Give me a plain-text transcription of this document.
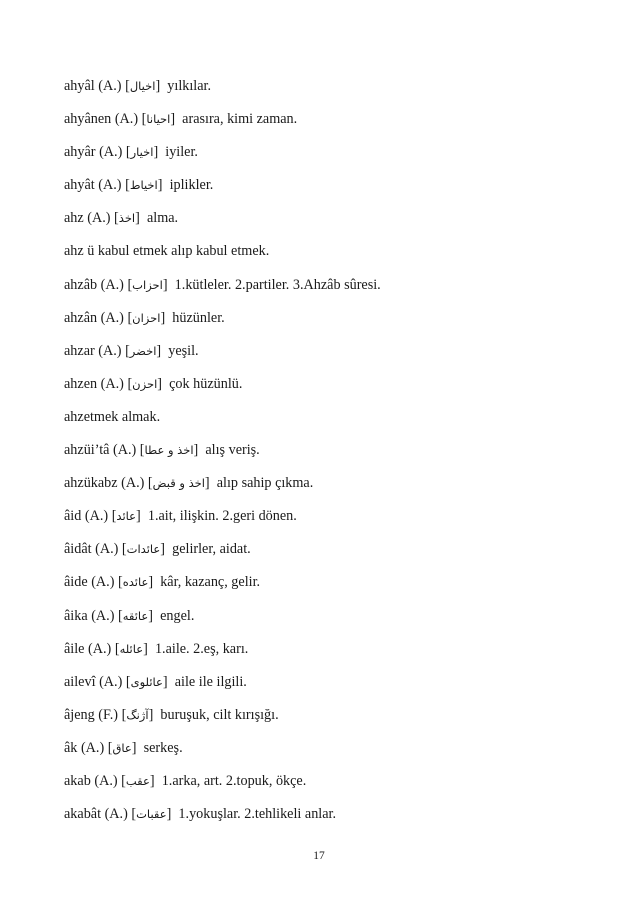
ahyâl (A.) [اخيال]  yılkılar.
ahyânen (A.) [احيانا]  arasıra, kimi zaman.
ahyâr (A.) [اخيار]  iyiler.
ahyât (A.) [اخياط]  iplikler.
ahz (A.) [اخذ]  alma.
ahz ü kabul etmek alıp kabul etmek.
ahzâb (A.) [احزاب]  1.kütleler. 2.partiler. 3.Ahzâb sûresi.
ahzân (A.) [احزان]  hüzünler.
ahzar (A.) [اخضر]  yeşil.
ahzen (A.) [احزن]  çok hüzünlü.
ahzetmek almak.
ahzüi’tâ (A.) [اخذ و عطا]  alış veriş.
ahzükabz (A.) [اخذ و قبض]  alıp sahip çıkma.
âid (A.) [عائد]  1.ait, ilişkin. 2.geri dönen.
âidât (A.) [عائدات]  gelirler, aidat.
âide (A.) [عائده]  kâr, kazanç, gelir.
âika (A.) [عائقه]  engel.
âile (A.) [عائله]  1.aile. 2.eş, karı.
ailevî (A.) [عائلوى]  aile ile ilgili.
âjeng (F.) [آژنگ]  buruşuk, cilt kırışığı.
âk (A.) [عاق]  serkeş.
akab (A.) [عقب]  1.arka, art. 2.topuk, ökçe.
akabât (A.) [عقبات]  1.yokuşlar. 2.tehlikeli anlar.
17
